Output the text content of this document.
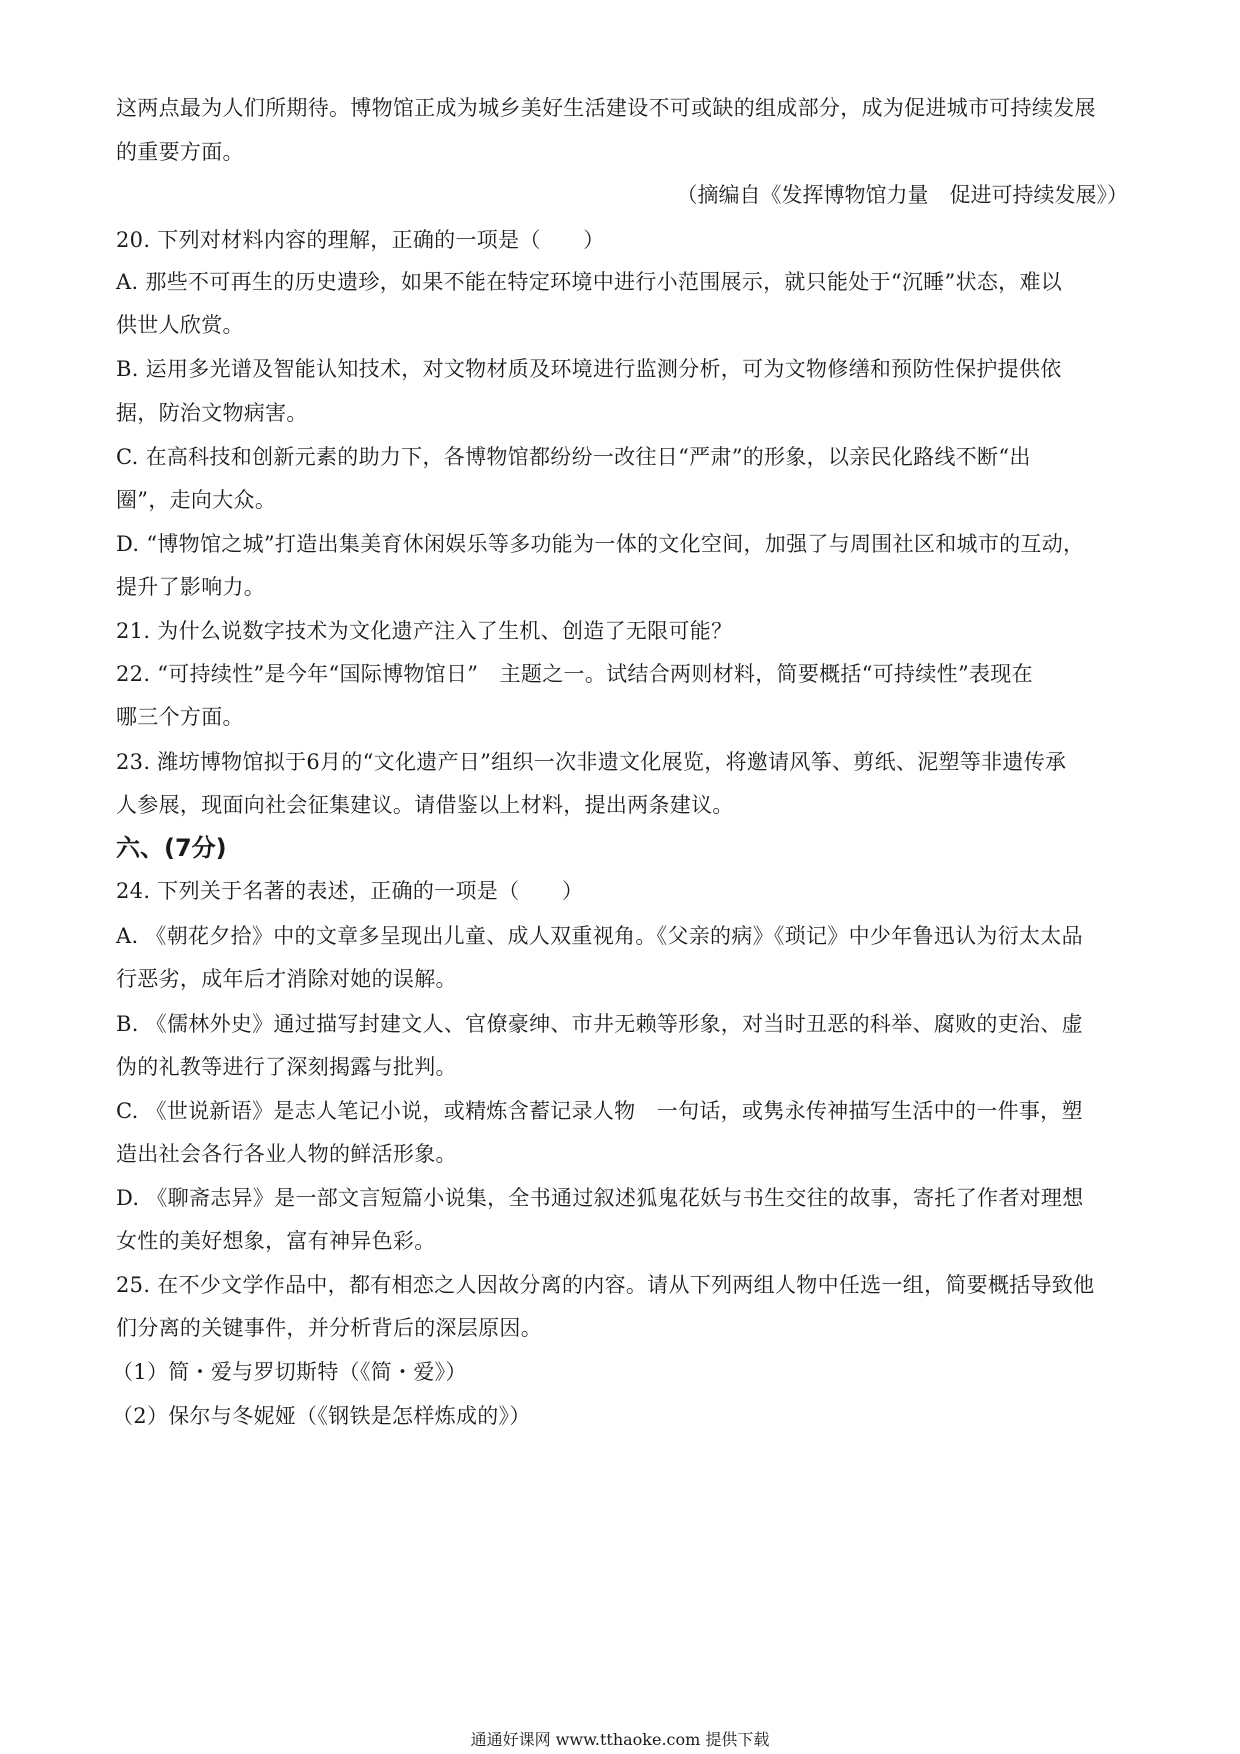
这两点最为人们所期待。博物馆正成为城乡美好生活建设不可或缺的组成部分，成为促进城市可持续发展
的重要方面。
（摘编自《发挥博物馆力量　促进可持续发展》）
20. 下列对材料内容的理解，正确的一项是（　　）
A. 那些不可再生的历史遗珍，如果不能在特定环境中进行小范围展示，就只能处于“沉睡”状态，难以
供世人欣赏。
B. 运用多光谱及智能认知技术，对文物材质及环境进行监测分析，可为文物修缮和预防性保护提供依
据，防治文物病害。
C. 在高科技和创新元素的助力下，各博物馆都纷纷一改往日“严肃”的形象，以亲民化路线不断“出
圈”，走向大众。
D. “博物馆之城”打造出集美育休闲娱乐等多功能为一体的文化空间，加强了与周围社区和城市的互动，
提升了影响力。
21. 为什么说数字技术为文化遗产注入了生机、创造了无限可能？
22. “可持续性”是今年“国际博物馆日”　主题之一。试结合两则材料，简要概括“可持续性”表现在
哪三个方面。
23. 潍坊博物馆拟于6月的“文化遗产日”组织一次非遗文化展览，将邀请风筝、剪纸、泥塑等非遗传承
人参展，现面向社会征集建议。请借鉴以上材料，提出两条建议。
六、(7分)
24. 下列关于名著的表述，正确的一项是（　　）
A. 《朝花夕拾》中的文章多呈现出儿童、成人双重视角。《父亲的病》《琐记》中少年鲁迅认为衍太太品
行恶劣，成年后才消除对她的误解。
B. 《儒林外史》通过描写封建文人、官僚豪绅、市井无赖等形象，对当时丑恶的科举、腐败的吏治、虚
伪的礼教等进行了深刻揭露与批判。
C. 《世说新语》是志人笔记小说，或精炼含蓄记录人物　一句话，或隽永传神描写生活中的一件事，塑
造出社会各行各业人物的鲜活形象。
D. 《聊斋志异》是一部文言短篇小说集，全书通过叙述狐鬼花妖与书生交往的故事，寄托了作者对理想
女性的美好想象，富有神异色彩。
25. 在不少文学作品中，都有相恋之人因故分离的内容。请从下列两组人物中任选一组，简要概括导致他
们分离的关键事件，并分析背后的深层原因。
（1）简・爱与罗切斯特（《简・爱》）
（2）保尔与冬妮娅（《钢铁是怎样炼成的》）
通通好课网 www.tthaoke.com 提供下载
